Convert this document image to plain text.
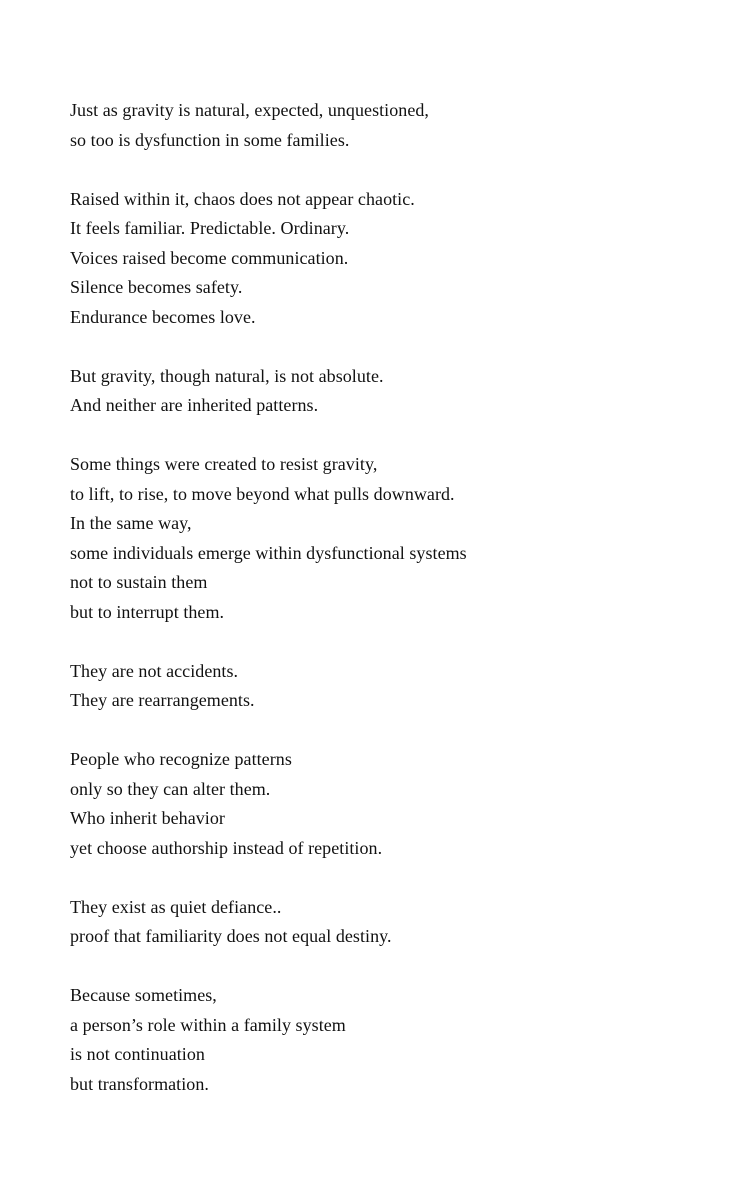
Just as gravity is natural, expected, unquestioned,
so too is dysfunction in some families.
Raised within it, chaos does not appear chaotic.
It feels familiar. Predictable. Ordinary.
Voices raised become communication.
Silence becomes safety.
Endurance becomes love.
But gravity, though natural, is not absolute.
And neither are inherited patterns.
Some things were created to resist gravity,
to lift, to rise, to move beyond what pulls downward.
In the same way,
some individuals emerge within dysfunctional systems
not to sustain them
but to interrupt them.
They are not accidents.
They are rearrangements.
People who recognize patterns
only so they can alter them.
Who inherit behavior
yet choose authorship instead of repetition.
They exist as quiet defiance..
proof that familiarity does not equal destiny.
Because sometimes,
a person’s role within a family system
is not continuation
but transformation.
